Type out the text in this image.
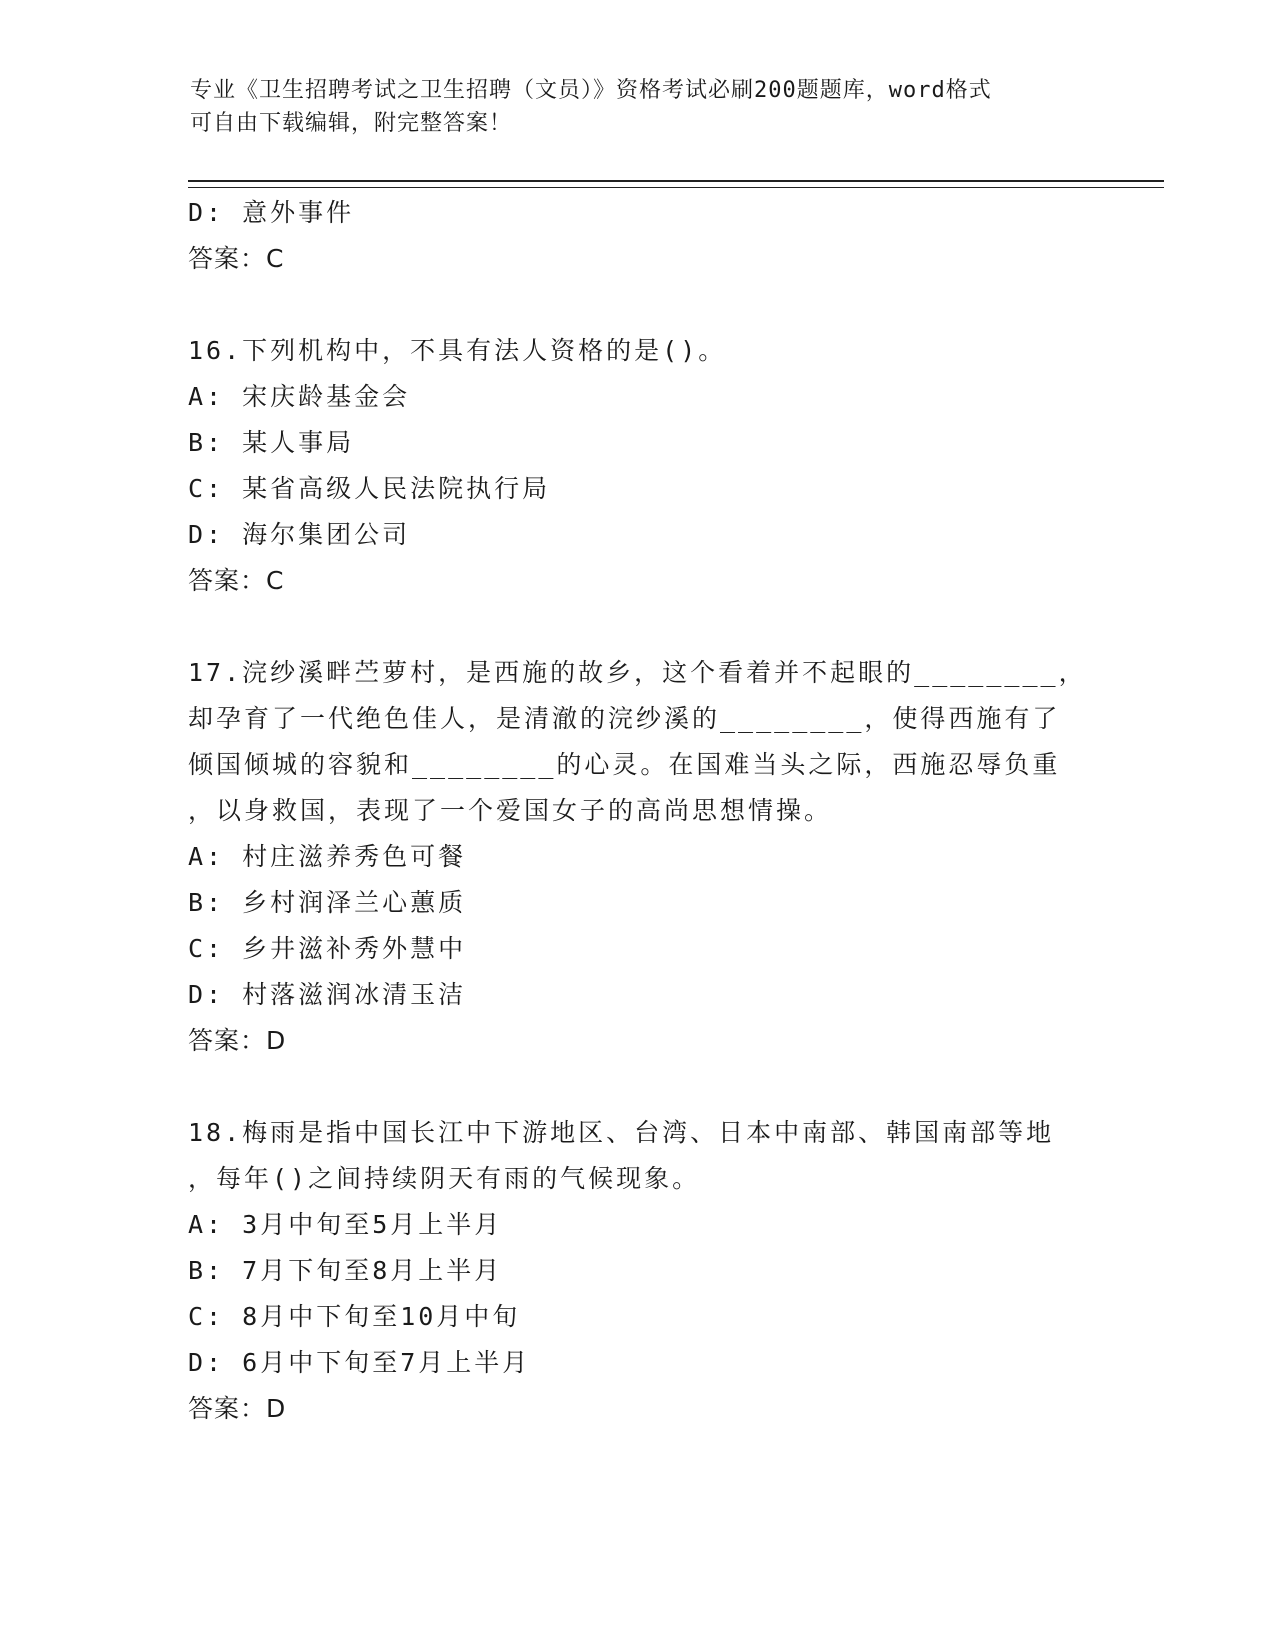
专业《卫生招聘考试之卫生招聘（文员）》资格考试必刷200题题库，word格式
可自由下载编辑，附完整答案！
D: 意外事件
答案：C
16.下列机构中，不具有法人资格的是()。
A: 宋庆龄基金会
B: 某人事局
C: 某省高级人民法院执行局
D: 海尔集团公司
答案：C
17.浣纱溪畔苎萝村，是西施的故乡，这个看着并不起眼的________，
却孕育了一代绝色佳人，是清澈的浣纱溪的________，使得西施有了
倾国倾城的容貌和________的心灵。在国难当头之际，西施忍辱负重
，以身救国，表现了一个爱国女子的高尚思想情操。
A: 村庄滋养秀色可餐
B: 乡村润泽兰心蕙质
C: 乡井滋补秀外慧中
D: 村落滋润冰清玉洁
答案：D
18.梅雨是指中国长江中下游地区、台湾、日本中南部、韩国南部等地
，每年()之间持续阴天有雨的气候现象。
A: 3月中旬至5月上半月
B: 7月下旬至8月上半月
C: 8月中下旬至10月中旬
D: 6月中下旬至7月上半月
答案：D
